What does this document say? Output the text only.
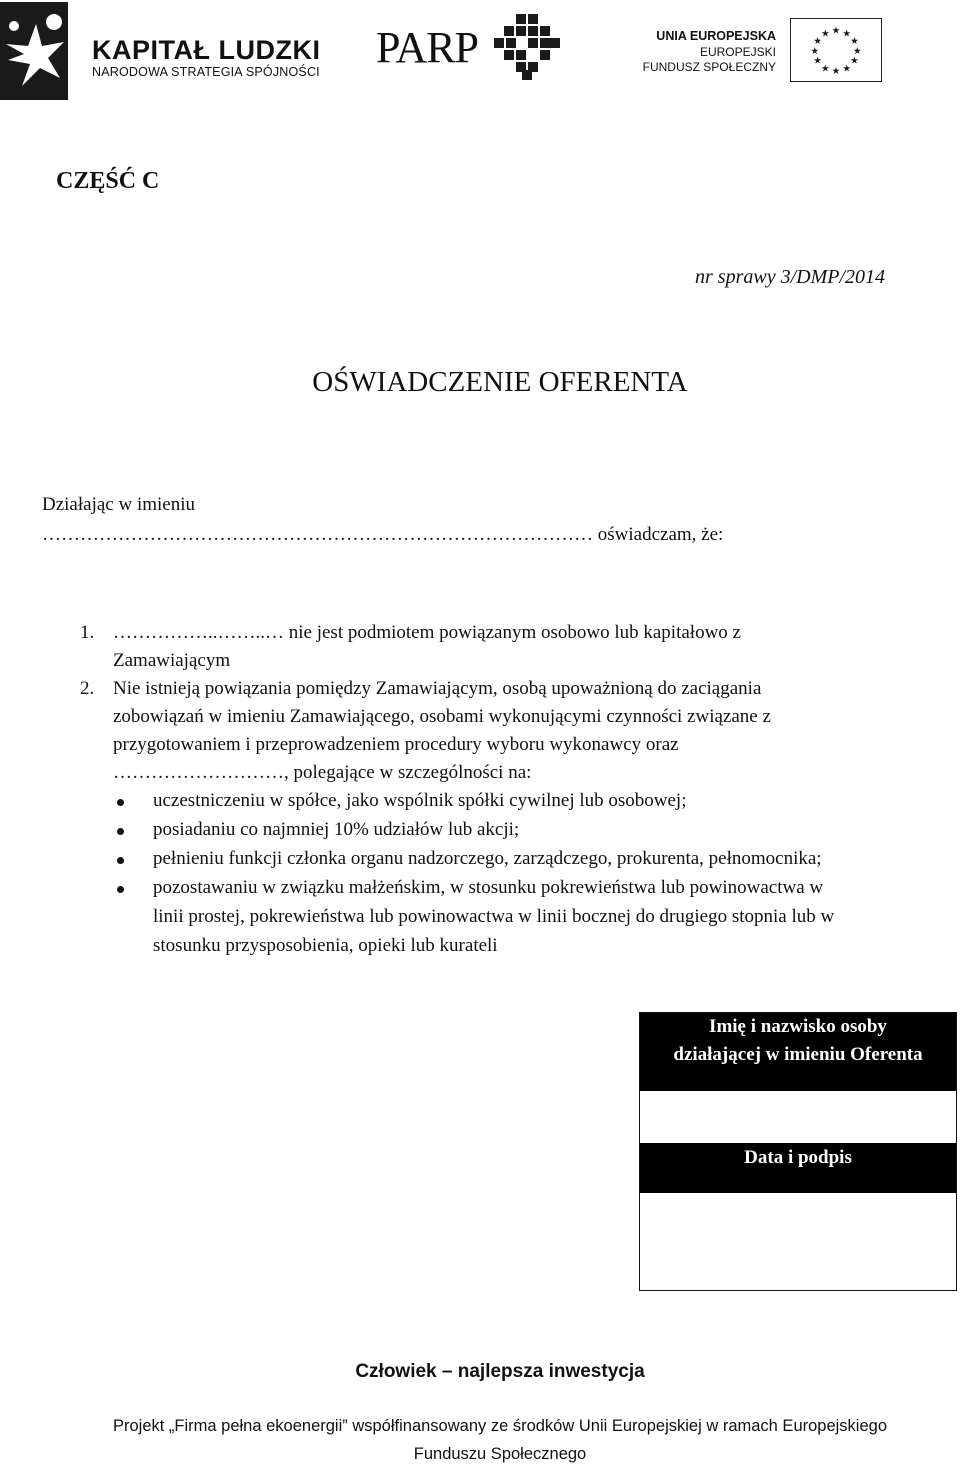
KAPITAŁ LUDZKI
NARODOWA STRATEGIA SPÓJNOŚCI PARP	UNIA EUROPEJSKA
EUROPEJSKI
FUNDUSZ SPOŁECZNY
★ ★
★
★
★
★
★
★
★
★
★
★
CZĘŚĆ C
nr sprawy 3/DMP/2014
OŚWIADCZENIE OFERENTA
Działając w imieniu
…………………………………………………………………………… oświadczam, że:
1. ……………..……..… nie jest podmiotem powiązanym osobowo lub kapitałowo z
Zamawiającym
2. Nie istnieją powiązania pomiędzy Zamawiającym, osobą upoważnioną do zaciągania
zobowiązań w imieniu Zamawiającego, osobami wykonującymi czynności związane z
przygotowaniem i przeprowadzeniem procedury wyboru wykonawcy oraz
………………………, polegające w szczególności na:
uczestniczeniu w spółce, jako wspólnik spółki cywilnej lub osobowej;
posiadaniu co najmniej 10% udziałów lub akcji;
pełnieniu funkcji członka organu nadzorczego, zarządczego, prokurenta, pełnomocnika;
pozostawaniu w związku małżeńskim, w stosunku pokrewieństwa lub powinowactwa w
linii prostej, pokrewieństwa lub powinowactwa w linii bocznej do drugiego stopnia lub w
stosunku przysposobienia, opieki lub kurateli
Imię i nazwisko osoby
działającej w imieniu Oferenta
Data i podpis
Człowiek – najlepsza inwestycja
Projekt „Firma pełna ekoenergii” współfinansowany ze środków Unii Europejskiej w ramach Europejskiego
Funduszu Społecznego
